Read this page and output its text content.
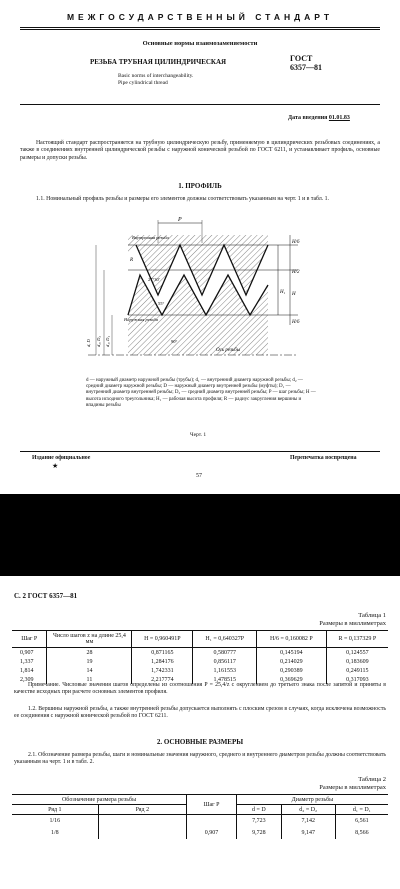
МЕЖГОСУДАРСТВЕННЫЙ СТАНДАРТ
Основные нормы взаимозаменяемости
РЕЗЬБА ТРУБНАЯ ЦИЛИНДРИЧЕСКАЯ	ГОСТ
6357—81
Basic norms of interchangeability.
Pipe cylindrical thread
Дата введения 01.01.83
Настоящий стандарт распространяется на трубную цилиндрическую резьбу, применяемую в цилиндрических резьбовых соединениях, а также в соединениях внутренней цилиндрической резьбы с наружной конической резьбой по ГОСТ 6211, и устанавливает профиль, основные размеры и допуски резьбы.
1. ПРОФИЛЬ
1.1. Номинальный профиль резьбы и размеры его элементов должны соответствовать указанным на черт. 1 и в табл. 1.
P
H/6
H/2
H₁ H
H/6
Внутренняя резьба
Наружная резьба
27°30'
55°
90°
R
Ось резьбы
d, D d₂, D₂ d₁, D₁
d — наружный диаметр наружной резьбы (трубы); d₁ — внутренний диаметр наружной резьбы; d₂ — средний диаметр наружной резьбы; D — наружный диаметр внутренней резьбы (муфты); D₁ — внутренний диаметр внутренней резьбы; D₂ — средний диаметр внутренней резьбы; P — шаг резьбы; H — высота исходного треугольника; H₁ — рабочая высота профиля; R — радиус закругления вершины и впадины резьбы
Черт. 1
Издание официальное
★
Перепечатка воспрещена
57
С. 2 ГОСТ 6357—81
Таблица 1
Размеры в миллиметрах
Шаг P	Число шагов z на длине 25,4 мм	H = 0,960491P	H₁ = 0,640327P	H/6 = 0,160082 P	R = 0,137329 P
0,907	28	0,871165	0,580777	0,145194	0,124557
1,337	19	1,284176	0,856117	0,214029	0,183609
1,814	14	1,742331	1,161553	0,290389	0,249115
2,309	11	2,217774	1,478515	0,369629	0,317093
Примечание. Числовые значения шагов определены из соотношения P = 25,4/z с округлением до третьего знака после запятой и приняты в качестве исходных при расчете основных элементов профиля.
1.2. Вершины наружной резьбы, а также внутренней резьбы допускается выполнять с плоским срезом в случаях, когда исключена возможность ее соединения с наружной конической резьбой по ГОСТ 6211.
2. ОСНОВНЫЕ РАЗМЕРЫ
2.1. Обозначение размера резьбы, шаги и номинальные значения наружного, среднего и внутреннего диаметров резьбы должны соответствовать указанным на черт. 1 и в табл. 2.
Таблица 2
Размеры в миллиметрах
Обозначение размера резьбы		Шаг P	Диаметр резьбы		
Ряд 1	Ряд 2		d = D	d₂ = D₂	d₁ = D₁
1/16			7,723	7,142	6,561
1/8		0,907	9,728	9,147	8,566
